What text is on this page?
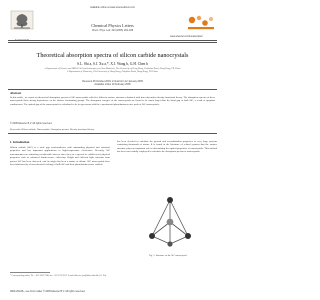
Available online at www.sciencedirect.com
Chemical Physics Letters
Chem. Phys. Lett. 404 (2005) 184–188
www.elsevier.com/locate/cplett
Theoretical absorption spectra of silicon carbide nanocrystals
S.L. Shi a, S.J. Xu a,*, X.J. Wang b, G.H. Chen b
a Department of Physics and HKU-CAS Joint Laboratory on New Materials, The University of Hong Kong, Pokfulam Road, Hong Kong, PR China
b Department of Chemistry, The University of Hong Kong, Pokfulam Road, Hong Kong, PR China
Received 28 October 2004; in final form 12 January 2005
Available online 19 February 2005
Abstract
In this article, we report on theoretical absorption spectra of SiC nanocrystals with five different surface structures obtained with time-dependent density functional theory. The absorption spectra of these nanocrystals show strong dependence on the surface terminating groups. The absorption energies of the nanocrystals are found to be much larger than the band gap of bulk SiC, a result of quantum confinement. The optical gap of the nanocrystals is calculated to be in agreement with the experimental photoluminescence peak of SiC nanocrystals.
© 2005 Elsevier B.V. All rights reserved.
Keywords: Silicon carbide; Nanocrystals; Absorption spectra; Density functional theory
1. Introduction
Silicon carbide (SiC) is a wide gap semiconductor with outstanding physical and chemical properties and has important applications in high-temperature electronics. Recently, SiC nanostructures are attracting considerable interest since they are expected to exhibit novel physical properties such as enhanced luminescence efficiency. Bright and efficient light emission from porous SiC has been observed, and its origin has been a matter of debate. SiC nanocrystals have been fabricated by electrochemical etching of bulk SiC and their photoluminescence studied.
has been devoted to calculate the growth and recombination properties of very large systems containing thousands of atoms. It is found in the literature of related systems that the surface structure plays an important role in determining the optical properties of nanocrystals. This method has been successfully employed to calculate the absorption spectra of nanocrystals.
Fig. 1. Structure of the SiC nanocrystal.
* Corresponding author. Tel.: +852 2859 7946; fax: +852 2559 9152. E-mail address: sjxu@hkucc.hku.hk (S.J. Xu).
0009-2614/$ - see front matter © 2005 Elsevier B.V. All rights reserved.
